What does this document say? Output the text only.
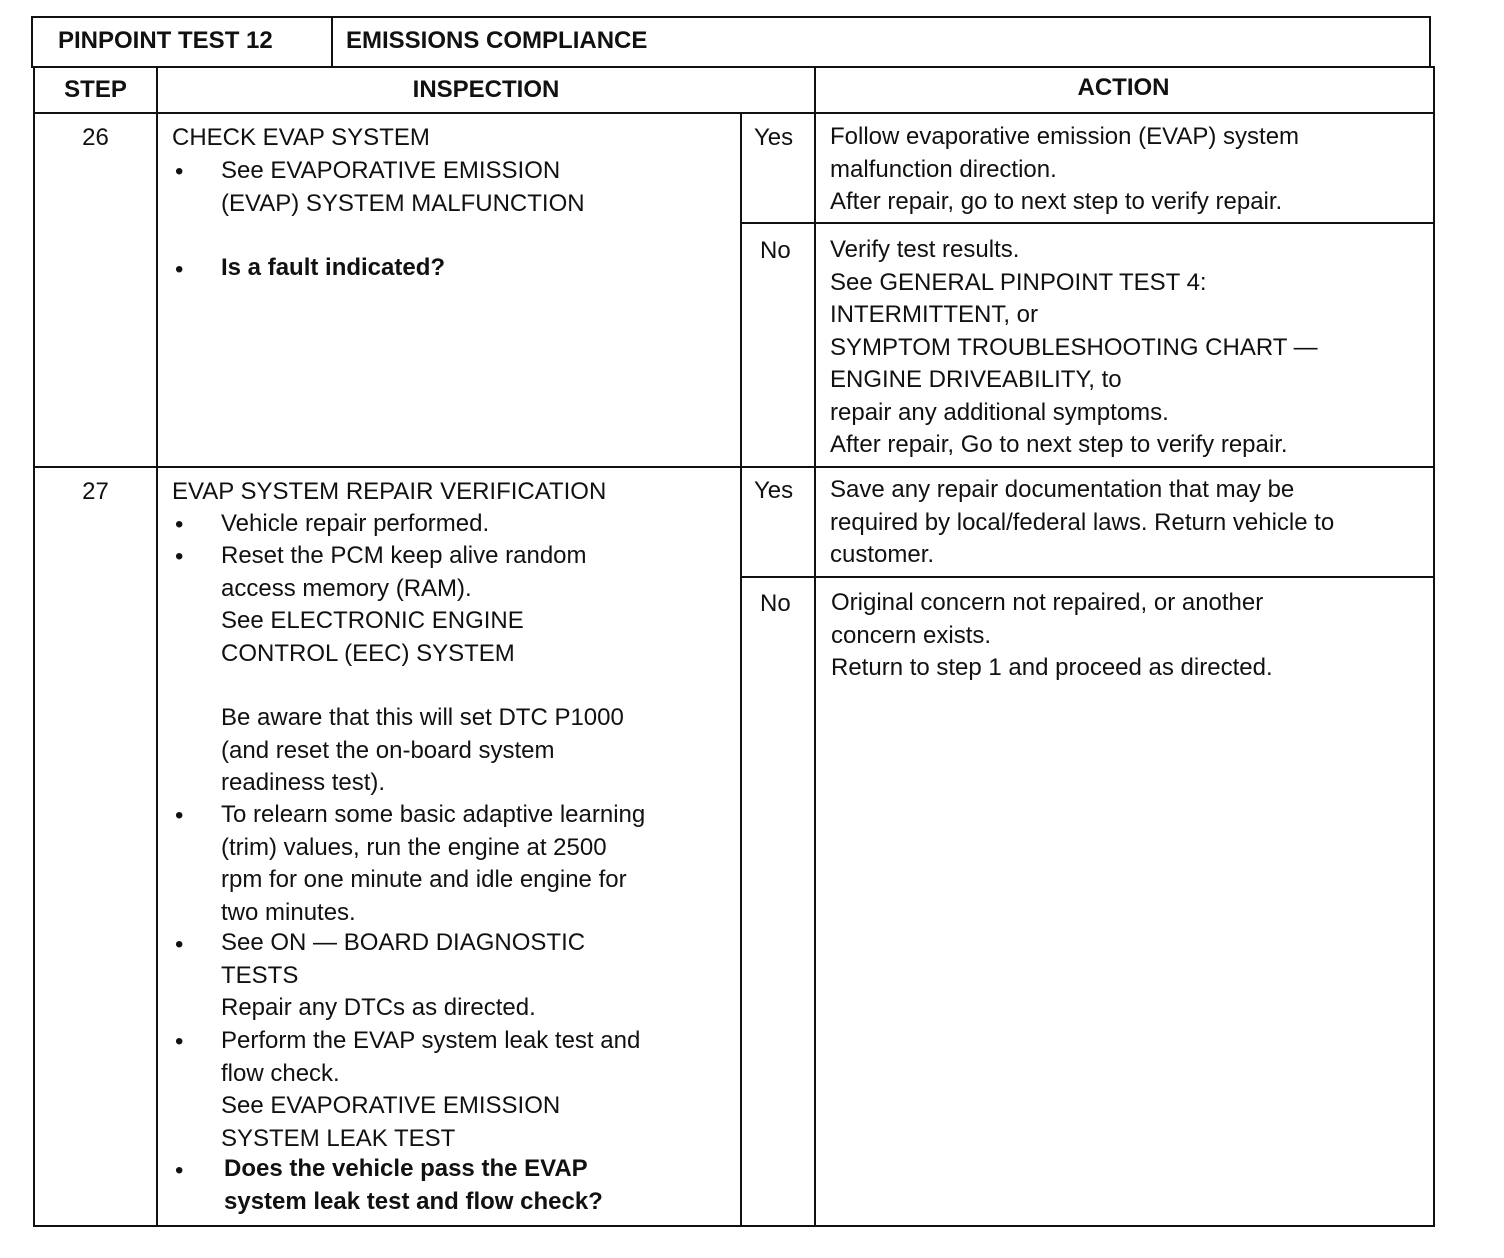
PINPOINT TEST 12	EMISSIONS COMPLIANCE
STEP	INSPECTION	ACTION
26	CHECK EVAP SYSTEM
• See EVAPORATIVE EMISSION
(EVAP) SYSTEM MALFUNCTION
• Is a fault indicated?
Yes Follow evaporative emission (EVAP) system
malfunction direction.
After repair, go to next step to verify repair.
No Verify test results.
See GENERAL PINPOINT TEST 4:
INTERMITTENT, or
SYMPTOM TROUBLESHOOTING CHART —
ENGINE DRIVEABILITY, to
repair any additional symptoms.
After repair, Go to next step to verify repair.
27	EVAP SYSTEM REPAIR VERIFICATION
• Vehicle repair performed.
• Reset the PCM keep alive random
access memory (RAM).
See ELECTRONIC ENGINE
CONTROL (EEC) SYSTEM
Be aware that this will set DTC P1000
(and reset the on-board system
readiness test).
• To relearn some basic adaptive learning
(trim) values, run the engine at 2500
rpm for one minute and idle engine for
two minutes.
• See ON — BOARD DIAGNOSTIC
TESTS
Repair any DTCs as directed.
• Perform the EVAP system leak test and
flow check.
See EVAPORATIVE EMISSION
SYSTEM LEAK TEST
• Does the vehicle pass the EVAP
system leak test and flow check?
Yes Save any repair documentation that may be
required by local/federal laws. Return vehicle to
customer.
No Original concern not repaired, or another
concern exists.
Return to step 1 and proceed as directed.
